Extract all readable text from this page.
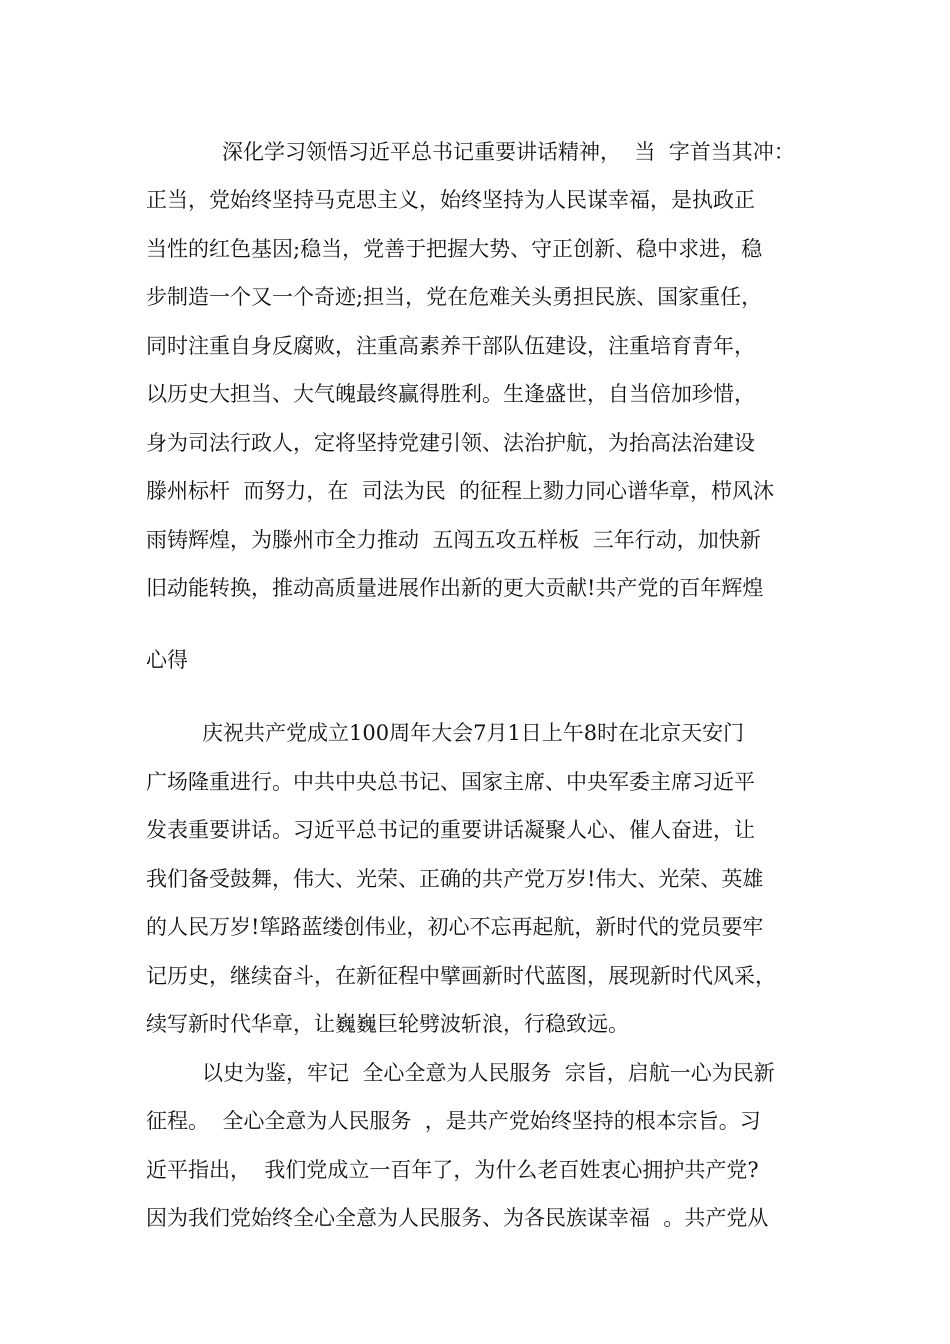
深化学习领悟习近平总书记重要讲话精神，  当  字首当其冲：
正当，党始终坚持马克思主义，始终坚持为人民谋幸福，是执政正
当性的红色基因;稳当，党善于把握大势、守正创新、稳中求进，稳
步制造一个又一个奇迹;担当，党在危难关头勇担民族、国家重任，
同时注重自身反腐败，注重高素养干部队伍建设，注重培育青年，
以历史大担当、大气魄最终赢得胜利。生逢盛世，自当倍加珍惜，
身为司法行政人，定将坚持党建引领、法治护航，为抬高法治建设
滕州标杆  而努力，在  司法为民  的征程上勠力同心谱华章，栉风沐
雨铸辉煌，为滕州市全力推动  五闯五攻五样板  三年行动，加快新
旧动能转换，推动高质量进展作出新的更大贡献!共产党的百年辉煌
心得
庆祝共产党成立100周年大会7月1日上午8时在北京天安门
广场隆重进行。中共中央总书记、国家主席、中央军委主席习近平
发表重要讲话。习近平总书记的重要讲话凝聚人心、催人奋进，让
我们备受鼓舞，伟大、光荣、正确的共产党万岁!伟大、光荣、英雄
的人民万岁!筚路蓝缕创伟业，初心不忘再起航，新时代的党员要牢
记历史，继续奋斗，在新征程中擘画新时代蓝图，展现新时代风采，
续写新时代华章，让巍巍巨轮劈波斩浪，行稳致远。
以史为鉴，牢记  全心全意为人民服务  宗旨，启航一心为民新
征程。  全心全意为人民服务  ，是共产党始终坚持的根本宗旨。习
近平指出，  我们党成立一百年了，为什么老百姓衷心拥护共产党?
因为我们党始终全心全意为人民服务、为各民族谋幸福  。共产党从
